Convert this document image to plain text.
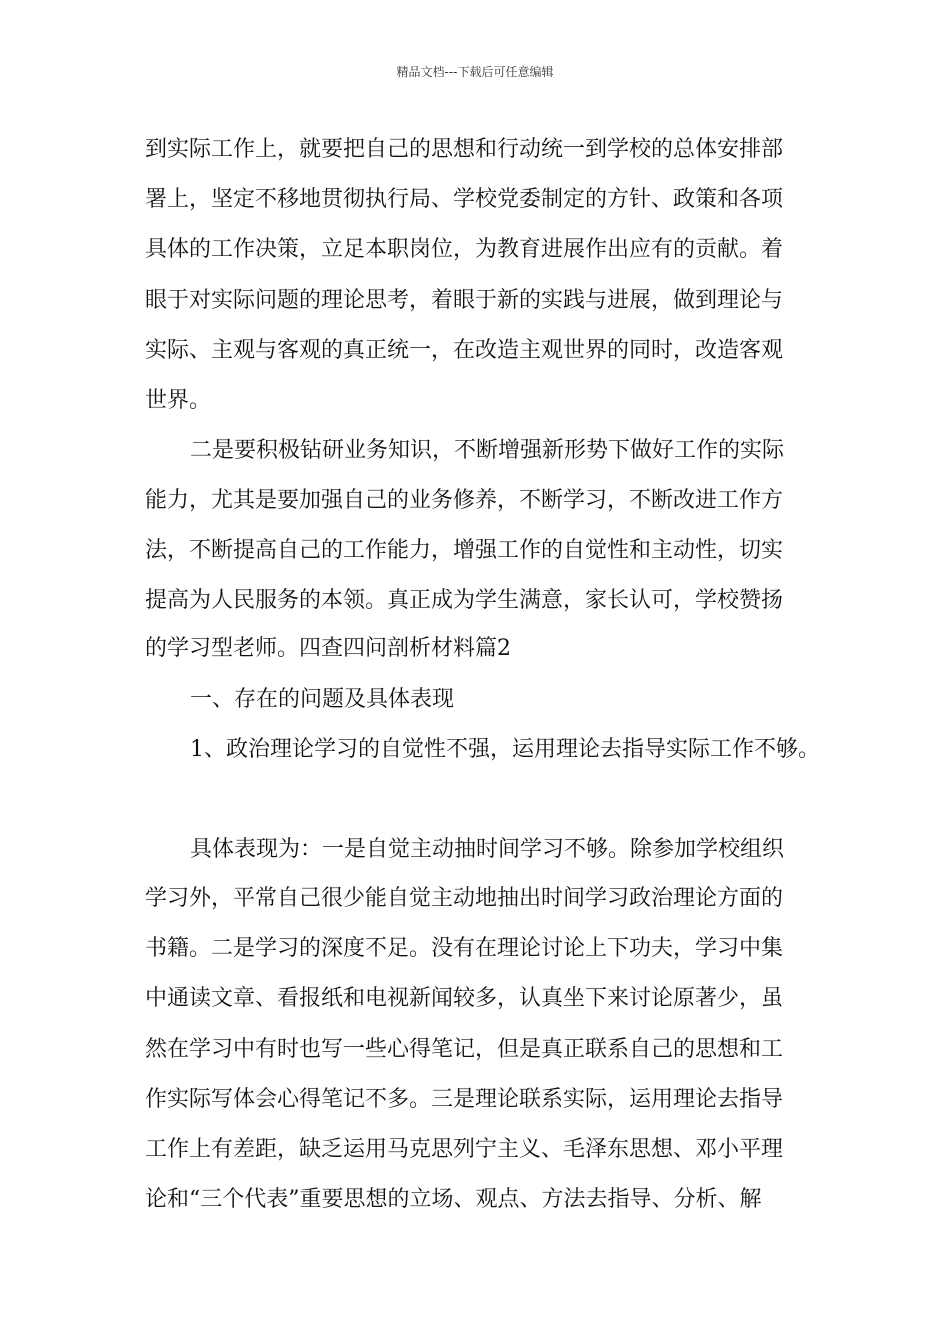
精品文档---下载后可任意编辑
到实际工作上，就要把自己的思想和行动统一到学校的总体安排部
署上，坚定不移地贯彻执行局、学校党委制定的方针、政策和各项
具体的工作决策，立足本职岗位，为教育进展作出应有的贡献。着
眼于对实际问题的理论思考，着眼于新的实践与进展，做到理论与
实际、主观与客观的真正统一，在改造主观世界的同时，改造客观
世界。
二是要积极钻研业务知识，不断增强新形势下做好工作的实际
能力，尤其是要加强自己的业务修养，不断学习，不断改进工作方
法，不断提高自己的工作能力，增强工作的自觉性和主动性，切实
提高为人民服务的本领。真正成为学生满意，家长认可，学校赞扬
的学习型老师。四查四问剖析材料篇2
一、存在的问题及具体表现
1、政治理论学习的自觉性不强，运用理论去指导实际工作不够。
具体表现为：一是自觉主动抽时间学习不够。除参加学校组织
学习外，平常自己很少能自觉主动地抽出时间学习政治理论方面的
书籍。二是学习的深度不足。没有在理论讨论上下功夫，学习中集
中通读文章、看报纸和电视新闻较多，认真坐下来讨论原著少，虽
然在学习中有时也写一些心得笔记，但是真正联系自己的思想和工
作实际写体会心得笔记不多。三是理论联系实际，运用理论去指导
工作上有差距，缺乏运用马克思列宁主义、毛泽东思想、邓小平理
论和“三个代表”重要思想的立场、观点、方法去指导、分析、解
